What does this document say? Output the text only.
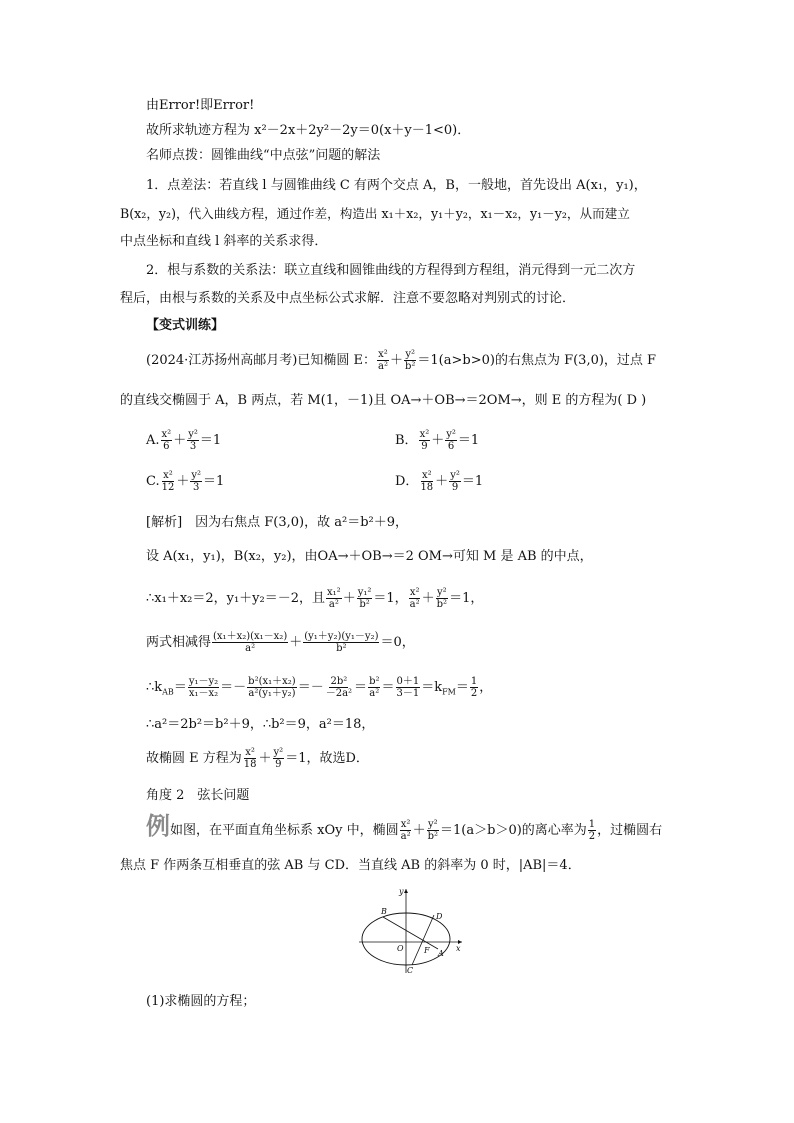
由Error!即Error!
故所求轨迹方程为 x²－2x＋2y²－2y＝0(x＋y－1<0)．
名师点拨：圆锥曲线“中点弦”问题的解法
1．点差法：若直线 l 与圆锥曲线 C 有两个交点 A，B，一般地，首先设出 A(x₁，y₁)，
B(x₂，y₂)，代入曲线方程，通过作差，构造出 x₁＋x₂，y₁＋y₂，x₁－x₂，y₁－y₂，从而建立
中点坐标和直线 l 斜率的关系求得．
2．根与系数的关系法：联立直线和圆锥曲线的方程得到方程组，消元得到一元二次方
程后，由根与系数的关系及中点坐标公式求解．注意不要忽略对判别式的讨论．
【变式训练】
(2024·江苏扬州高邮月考)已知椭圆 E： $\frac{\text{x²}}{\text{a²}} + \frac{\text{y²}}{\text{b²}} =1(a>b>0)$的右焦点为 F(3,0)，过点 F
的直线交椭圆于 A，B 两点，若 M(1，－1)且 OA→＋OB→＝2OM→，则 E 的方程为( D )
A. $\frac{\text{x²}}{6} + \frac{\text{y²}}{3} =1$	B． $\frac{\text{x²}}{9} + \frac{\text{y²}}{6} =1$
C. $\frac{\text{x²}}{12} + \frac{\text{y²}}{3} =1$	D． $\frac{\text{x²}}{18} + \frac{\text{y²}}{9} =1$
[解析]　因为右焦点 F(3,0)，故 a²＝b²＋9，
设 A(x₁，y₁)，B(x₂，y₂)，由OA→＋OB→＝2 OM→可知 M 是 AB 的中点，
∴x₁＋x₂＝2，y₁＋y₂＝－2，且 $\frac{\text{x₁²}}{\text{a²}} + \frac{\text{y₁²}}{\text{b²}} =1$， $\frac{\text{x²}}{\text{a²}} + \frac{\text{y²}}{\text{b²}} =1$，
两式相减得 $\frac{\text{(x₁＋x₂)(x₁－x₂)}}{\text{a²}} + \frac{\text{(y₁＋y₂)(y₁－y₂)}}{\text{b²}} =0$，
$\therefore k_{AB}= \frac{\text{y₁－y₂}}{\text{x₁－x₂}} =- \frac{\text{b²(x₁＋x₂)}}{\text{a²(y₁＋y₂)}} =- \frac{\text{2b²}}{\text{－2a²}} = \frac{\text{b²}}{\text{a²}} = \frac{0+1}{3-1} =k_{FM}= \frac{1}{2}$ ，
∴a²＝2b²＝b²＋9，∴b²＝9，a²＝18，
故椭圆 E 方程为 $\frac{\text{x²}}{18} + \frac{\text{y²}}{9} =1$，故选D．
角度 2　弦长问题
例如图，在平面直角坐标系 xOy 中，椭圆 $\frac{\text{x²}}{\text{a²}} + \frac{\text{y²}}{\text{b²}} =1(a>b>0)$的离心率为 $\frac{1}{2}$ ，过椭圆右
焦点 F 作两条互相垂直的弦 AB 与 CD．当直线 AB 的斜率为 0 时，|AB|＝4．
y
x
O
A
B
C
D
F
(1)求椭圆的方程；
